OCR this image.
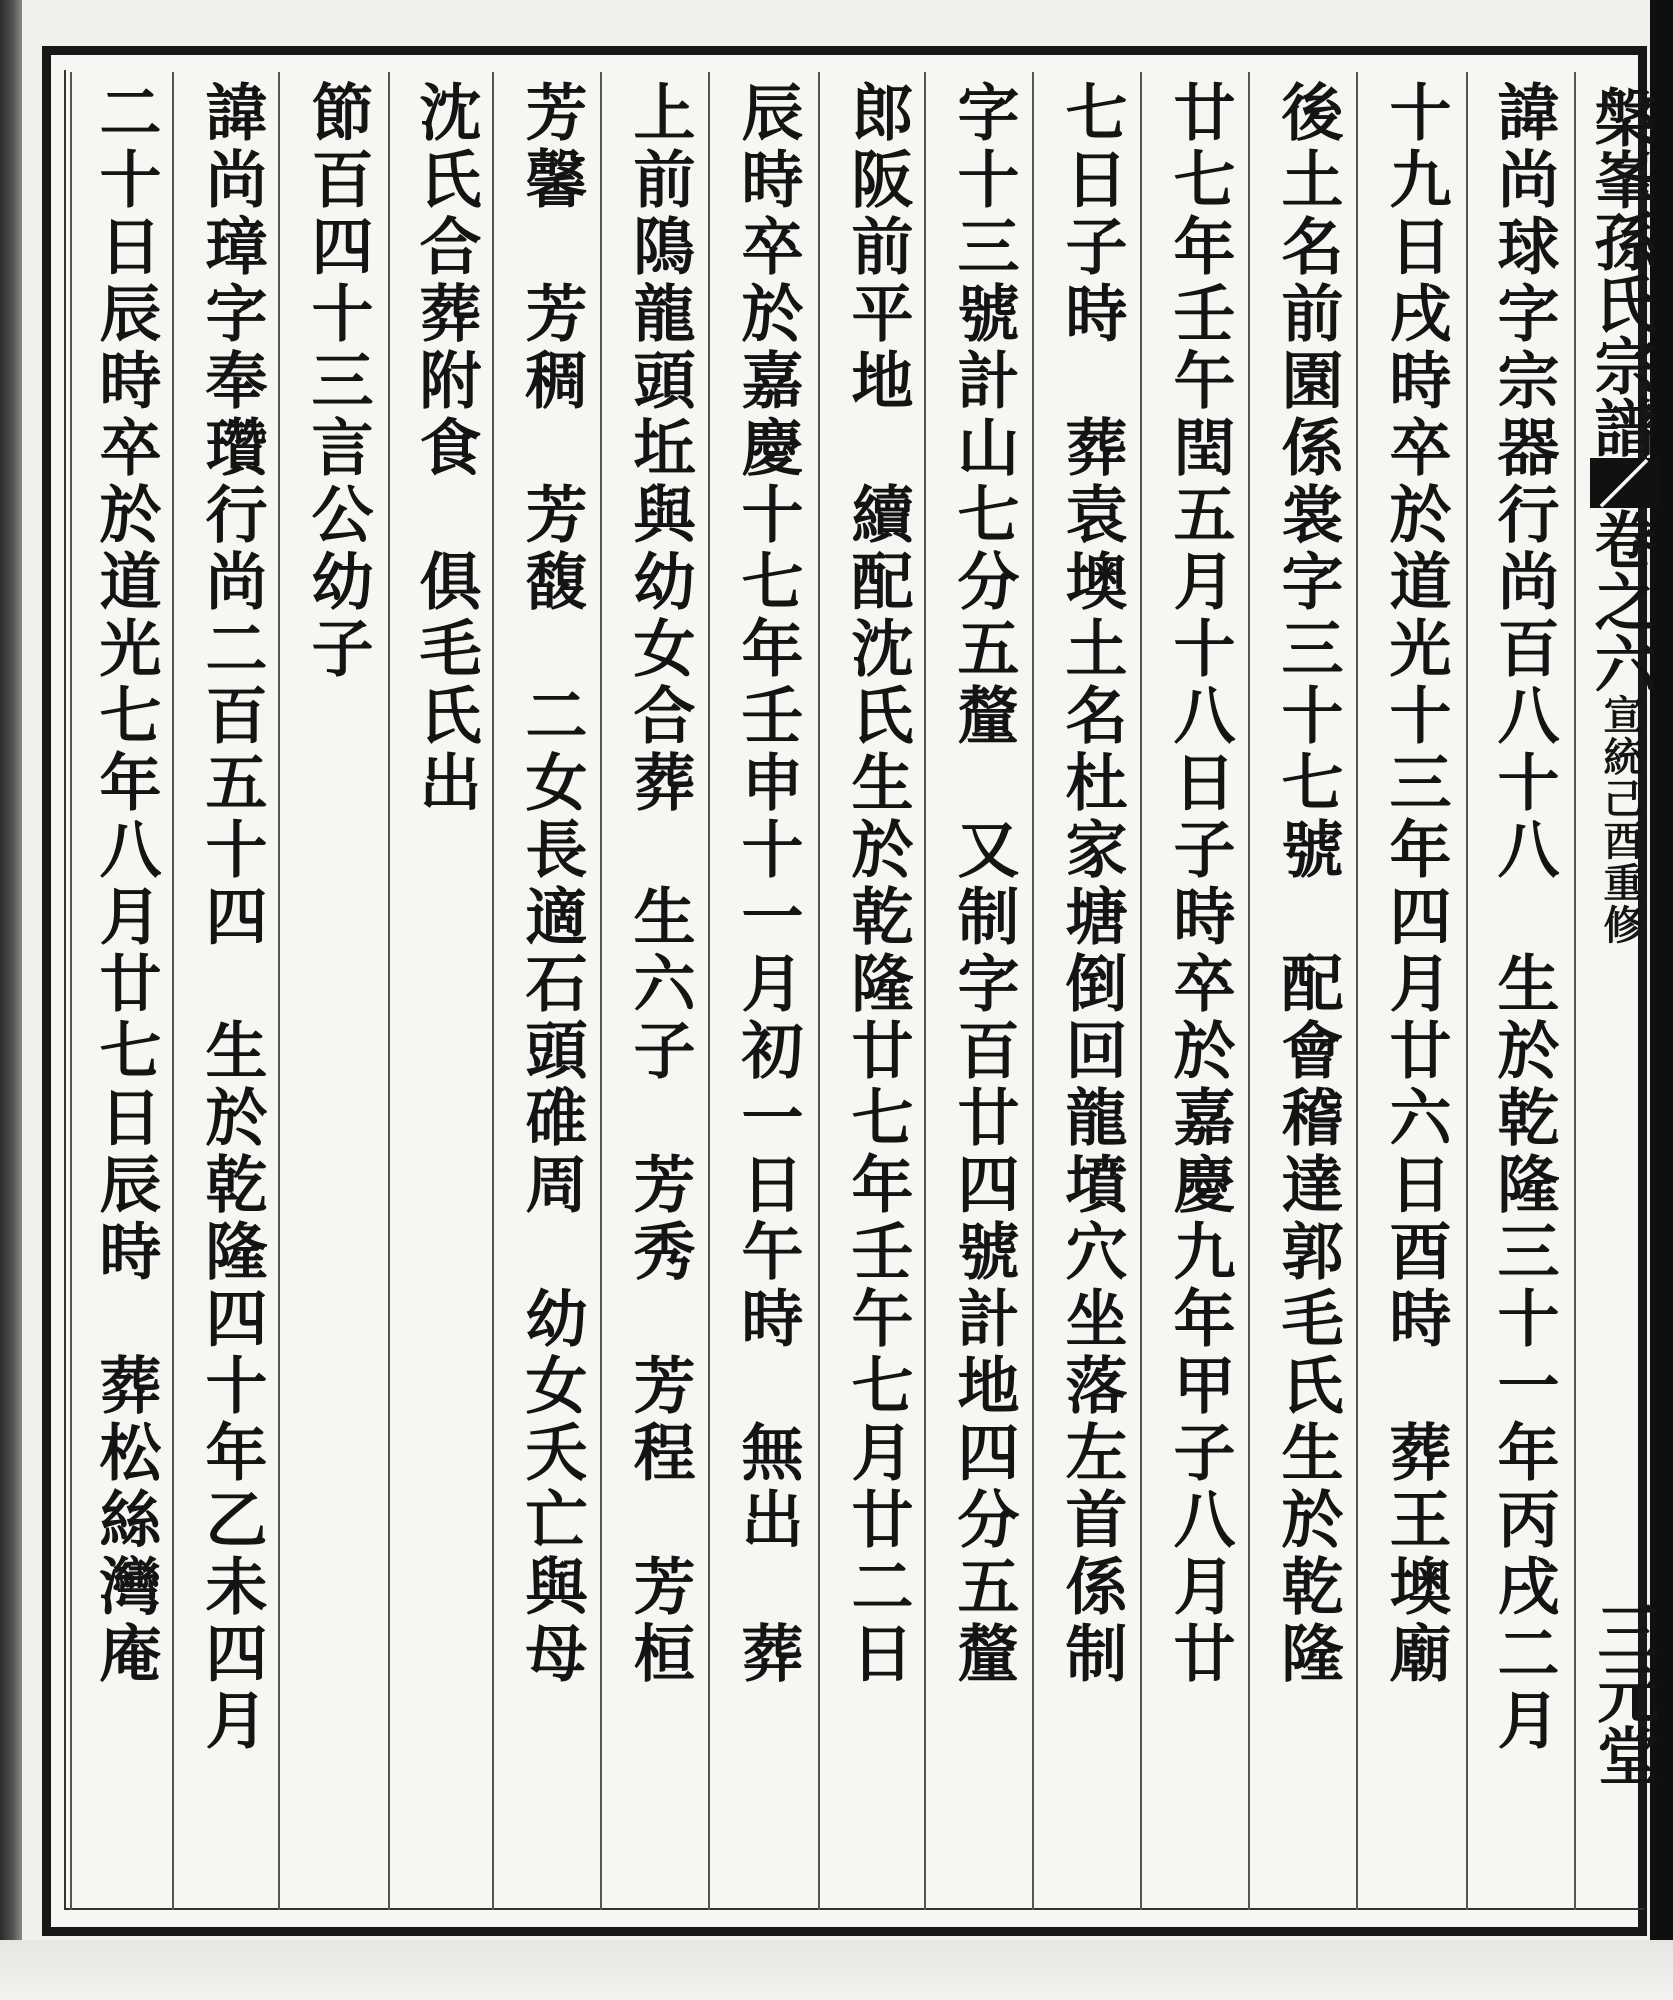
槃峯孫氏宗譜／卷之六宣統己酉重修
三元堂
諱尚球字宗器行尚百八十八　生於乾隆三十一年丙戌二月
十九日戌時卒於道光十三年四月廿六日酉時　葬王墺廟
後土名前園係裳字三十七號　配會稽達郭毛氏生於乾隆
廿七年壬午閏五月十八日子時卒於嘉慶九年甲子八月廿
七日子時　葬袁墺土名杜家塘倒回龍墳穴坐落左首係制
字十三號計山七分五釐　又制字百廿四號計地四分五釐
郎阪前平地　續配沈氏生於乾隆廿七年壬午七月廿二日
辰時卒於嘉慶十七年壬申十一月初一日午時　無出　葬
上前隝龍頭坵與幼女合葬　生六子　芳秀　芳程　芳桓
芳馨　芳稠　芳馥　二女長適石頭碓周　幼女夭亡與母
沈氏合葬附食　俱毛氏出
節百四十三言公幼子
諱尚璋字奉瓚行尚二百五十四　生於乾隆四十年乙未四月
二十日辰時卒於道光七年八月廿七日辰時　葬松絲灣庵
